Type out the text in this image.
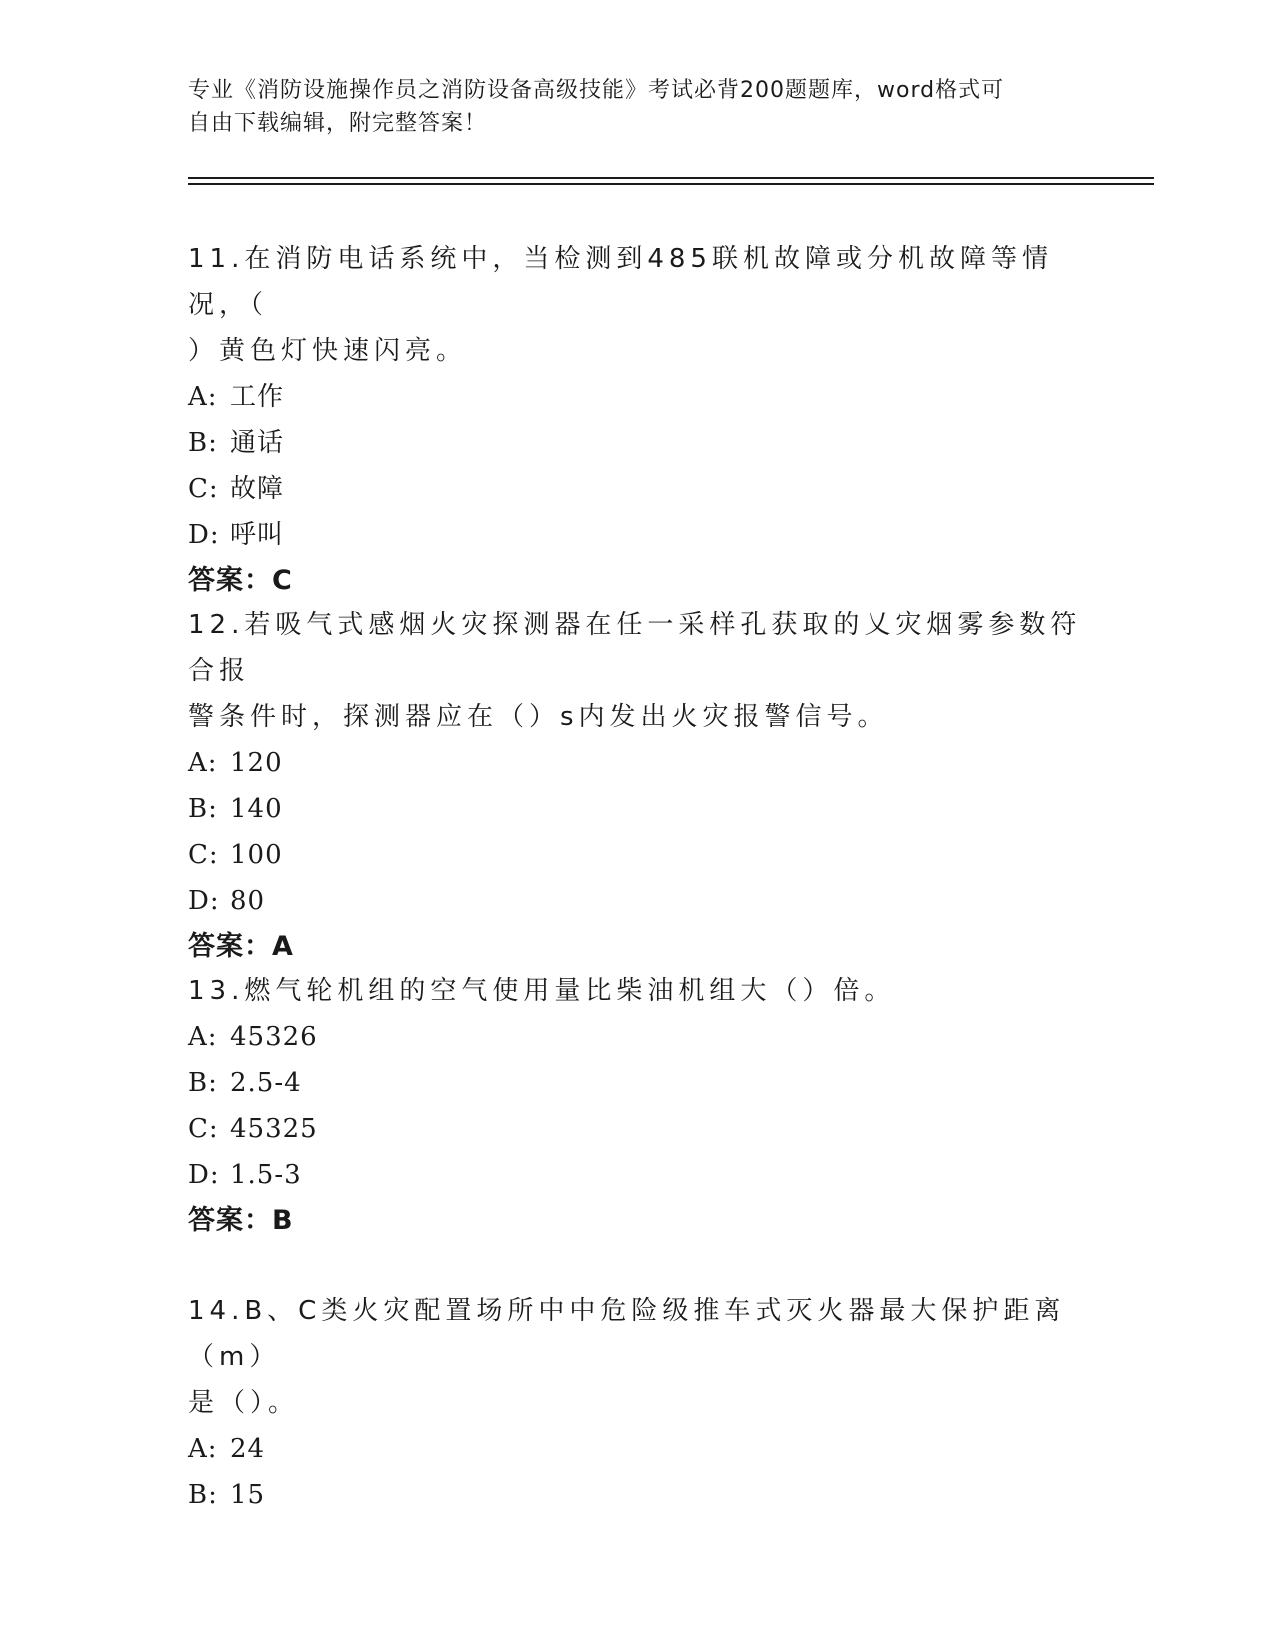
专业《消防设施操作员之消防设备高级技能》考试必背200题题库，word格式可
自由下载编辑，附完整答案！

11.在消防电话系统中，当检测到485联机故障或分机故障等情况，（

）黄色灯快速闪亮。

A: 工作

B: 通话

C: 故障

D: 呼叫

答案：C

12.若吸气式感烟火灾探测器在任一采样孔获取的乂灾烟雾参数符合报

警条件时，探测器应在（）s内发出火灾报警信号。

A: 120

B: 140

C: 100

D: 80

答案：A

13.燃气轮机组的空气使用量比柴油机组大（）倍。

A: 45326

B: 2.5-4

C: 45325

D: 1.5-3

答案：B

14.B、C类火灾配置场所中中危险级推车式灭火器最大保护距离（m）

是（）。

A: 24

B: 15
